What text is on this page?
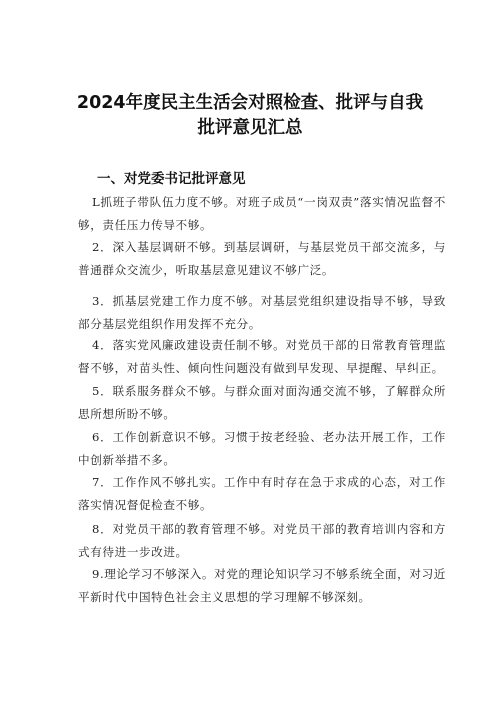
2024年度民主生活会对照检查、批评与自我
批评意见汇总
一、对党委书记批评意见

L抓班子带队伍力度不够。对班子成员“一岗双责”落实情况监督不够，责任压力传导不够。

2．深入基层调研不够。到基层调研，与基层党员干部交流多，与普通群众交流少，听取基层意见建议不够广泛。

3．抓基层党建工作力度不够。对基层党组织建设指导不够，导致部分基层党组织作用发挥不充分。

4．落实党风廉政建设责任制不够。对党员干部的日常教育管理监督不够，对苗头性、倾向性问题没有做到早发现、早提醒、早纠正。

5．联系服务群众不够。与群众面对面沟通交流不够，了解群众所思所想所盼不够。

6．工作创新意识不够。习惯于按老经验、老办法开展工作，工作中创新举措不多。

7．工作作风不够扎实。工作中有时存在急于求成的心态，对工作落实情况督促检查不够。

8．对党员干部的教育管理不够。对党员干部的教育培训内容和方式有待进一步改进。

9.理论学习不够深入。对党的理论知识学习不够系统全面，对习近平新时代中国特色社会主义思想的学习理解不够深刻。
